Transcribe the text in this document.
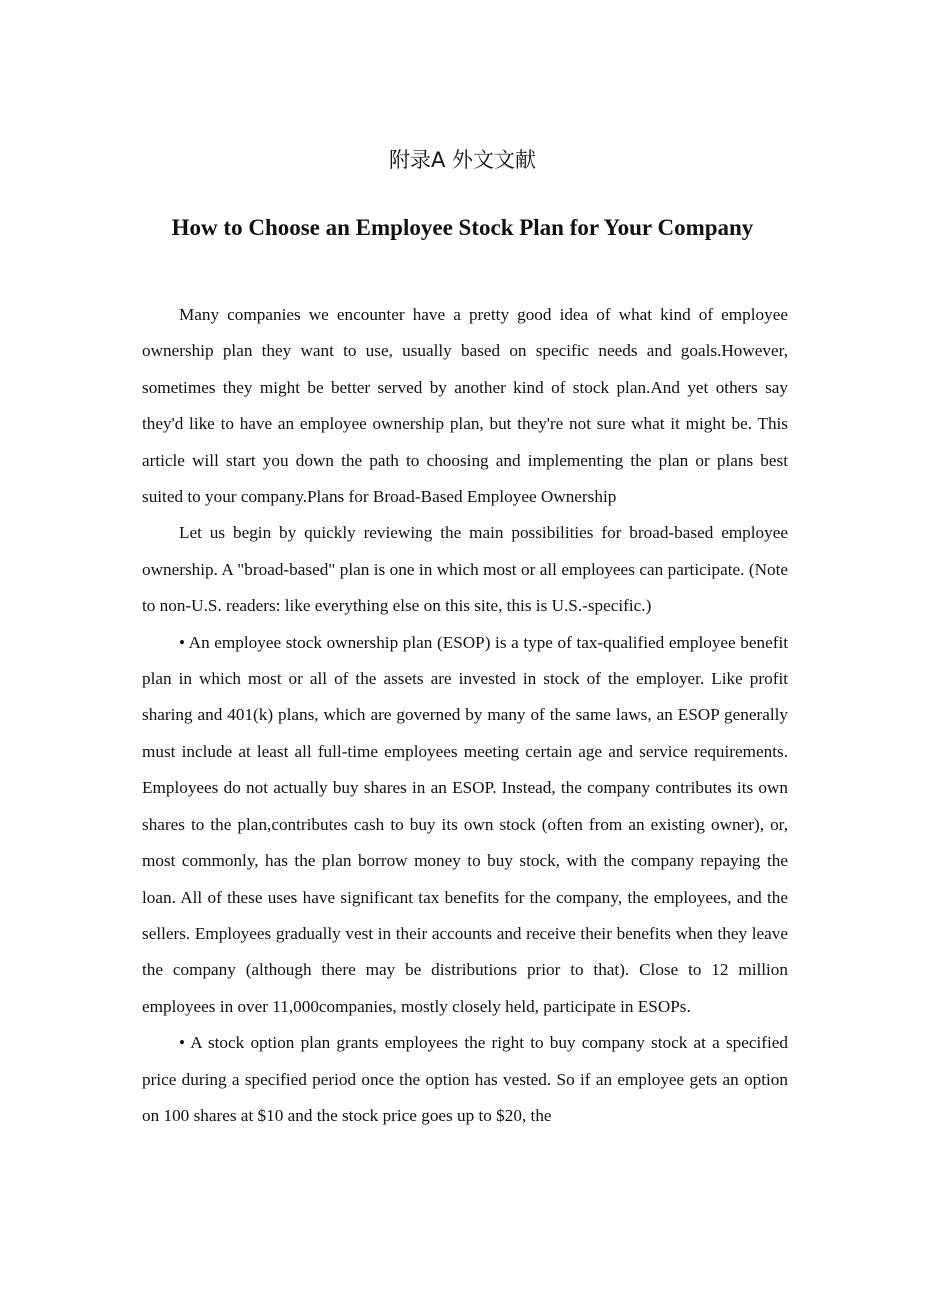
附录A 外文文献
How to Choose an Employee Stock Plan for Your Company

Many companies we encounter have a pretty good idea of what kind of employee ownership plan they want to use, usually based on specific needs and goals.However, sometimes they might be better served by another kind of stock plan.And yet others say they'd like to have an employee ownership plan, but they're not sure what it might be. This article will start you down the path to choosing and implementing the plan or plans best suited to your company.Plans for Broad-Based Employee Ownership

Let us begin by quickly reviewing the main possibilities for broad-based employee ownership. A "broad-based" plan is one in which most or all employees can participate. (Note to non-U.S. readers: like everything else on this site, this is U.S.-specific.)

• An employee stock ownership plan (ESOP) is a type of tax-qualified employee benefit plan in which most or all of the assets are invested in stock of the employer. Like profit sharing and 401(k) plans, which are governed by many of the same laws, an ESOP generally must include at least all full-time employees meeting certain age and service requirements. Employees do not actually buy shares in an ESOP. Instead, the company contributes its own shares to the plan,contributes cash to buy its own stock (often from an existing owner), or, most commonly, has the plan borrow money to buy stock, with the company repaying the loan. All of these uses have significant tax benefits for the company, the employees, and the sellers. Employees gradually vest in their accounts and receive their benefits when they leave the company (although there may be distributions prior to that). Close to 12 million employees in over 11,000companies, mostly closely held, participate in ESOPs.

• A stock option plan grants employees the right to buy company stock at a specified price during a specified period once the option has vested. So if an employee gets an option on 100 shares at $10 and the stock price goes up to $20, the
